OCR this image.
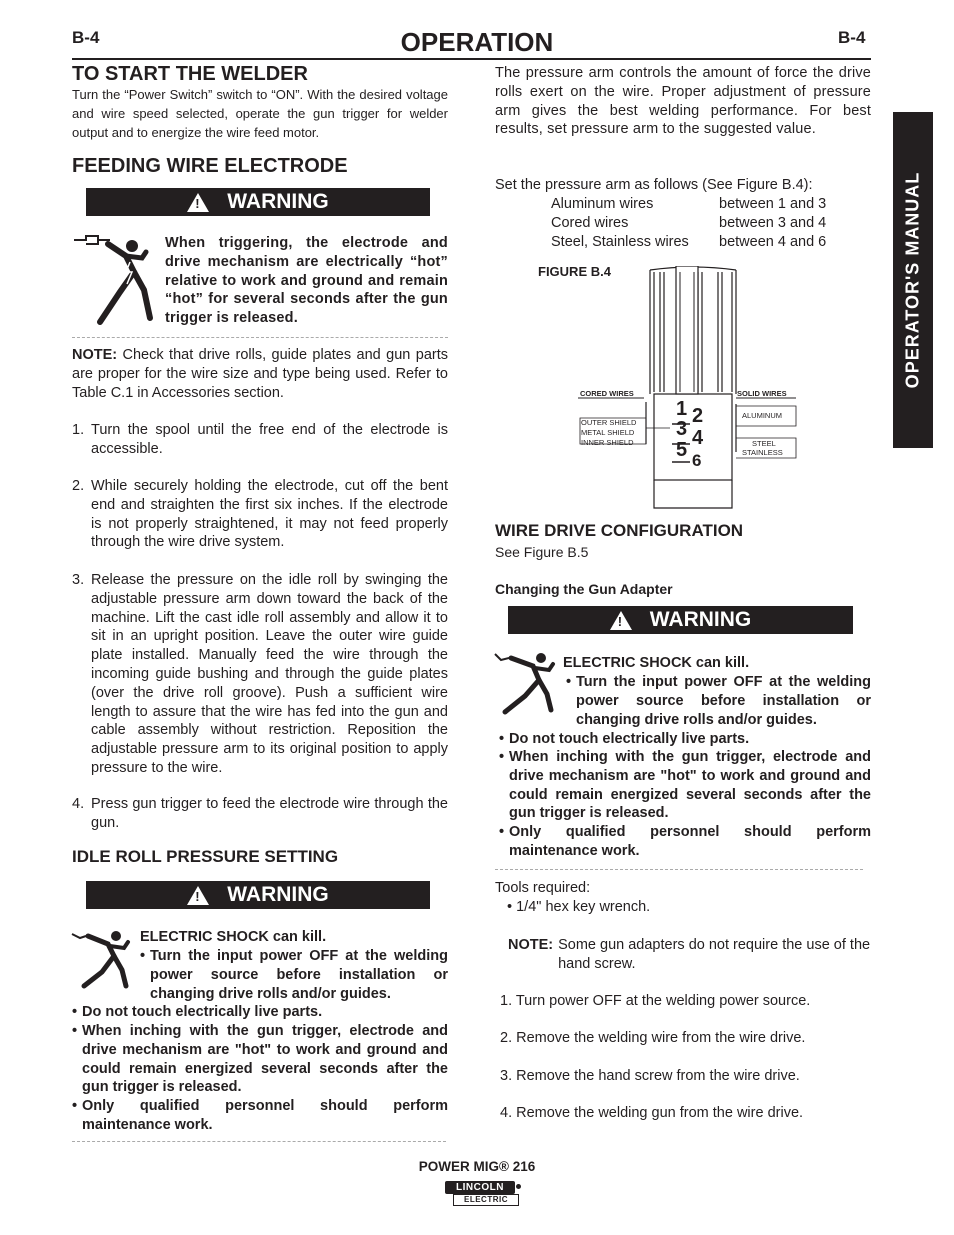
B-4	OPERATION	B-4
OPERATOR'S MANUAL
TO START THE WELDER
Turn the “Power Switch” switch to “ON”. With the desired voltage and wire speed selected, operate the gun trigger for welder output and to energize the wire feed motor.
FEEDING WIRE ELECTRODE
! WARNING
When triggering, the electrode and drive mechanism are electrically “hot” relative to work and ground and remain “hot” for several seconds after the gun trigger is released.
NOTE: Check that drive rolls, guide plates and gun parts are proper for the wire size and type being used. Refer to Table C.1 in Accessories section.
1. Turn the spool until the free end of the electrode is accessible.
2. While securely holding the electrode, cut off the bent end and straighten the first six inches. If the electrode is not properly straightened, it may not feed properly through the wire drive system.
3. Release the pressure on the idle roll by swinging the adjustable pressure arm down toward the back of the machine. Lift the cast idle roll assembly and allow it to sit in an upright position. Leave the outer wire guide plate installed. Manually feed the wire through the incoming guide bushing and through the guide plates (over the drive roll groove). Push a sufficient wire length to assure that the wire has fed into the gun and cable assembly without restriction. Reposition the adjustable pressure arm to its original position to apply pressure to the wire.
4. Press gun trigger to feed the electrode wire through the gun.
IDLE ROLL PRESSURE SETTING
! WARNING
ELECTRIC SHOCK can kill.
• Turn the input power OFF at the welding power source before installation or changing drive rolls and/or guides.
• Do not touch electrically live parts.
• When inching with the gun trigger, electrode and drive mechanism are "hot" to work and ground and could remain energized several seconds after the gun trigger is released.
• Only qualified personnel should perform maintenance work.
The pressure arm controls the amount of force the drive rolls exert on the wire. Proper adjustment of pressure arm gives the best welding performance. For best results, set pressure arm to the suggested value.
Set the pressure arm as follows (See Figure B.4):
Aluminum wires	between 1 and 3
Cored wires	between 3 and 4
Steel, Stainless wires	between 4 and 6
FIGURE B.4
CORED WIRES	SOLID WIRES
OUTER SHIELD
METAL SHIELD
INNER SHIELD
ALUMINUM
STEEL
STAINLESS
1 2
3 4
5 6
WIRE DRIVE CONFIGURATION
See Figure B.5
Changing the Gun Adapter
! WARNING
ELECTRIC SHOCK can kill.
• Turn the input power OFF at the welding power source before installation or changing drive rolls and/or guides.
• Do not touch electrically live parts.
• When inching with the gun trigger, electrode and drive mechanism are "hot" to work and ground and could remain energized several seconds after the gun trigger is released.
• Only qualified personnel should perform maintenance work.
Tools required:
• 1/4" hex key wrench.
NOTE: Some gun adapters do not require the use of the hand screw.
1. Turn power OFF at the welding power source.
2. Remove the welding wire from the wire drive.
3. Remove the hand screw from the wire drive.
4. Remove the welding gun from the wire drive.
POWER MIG® 216
LINCOLN
ELECTRIC
